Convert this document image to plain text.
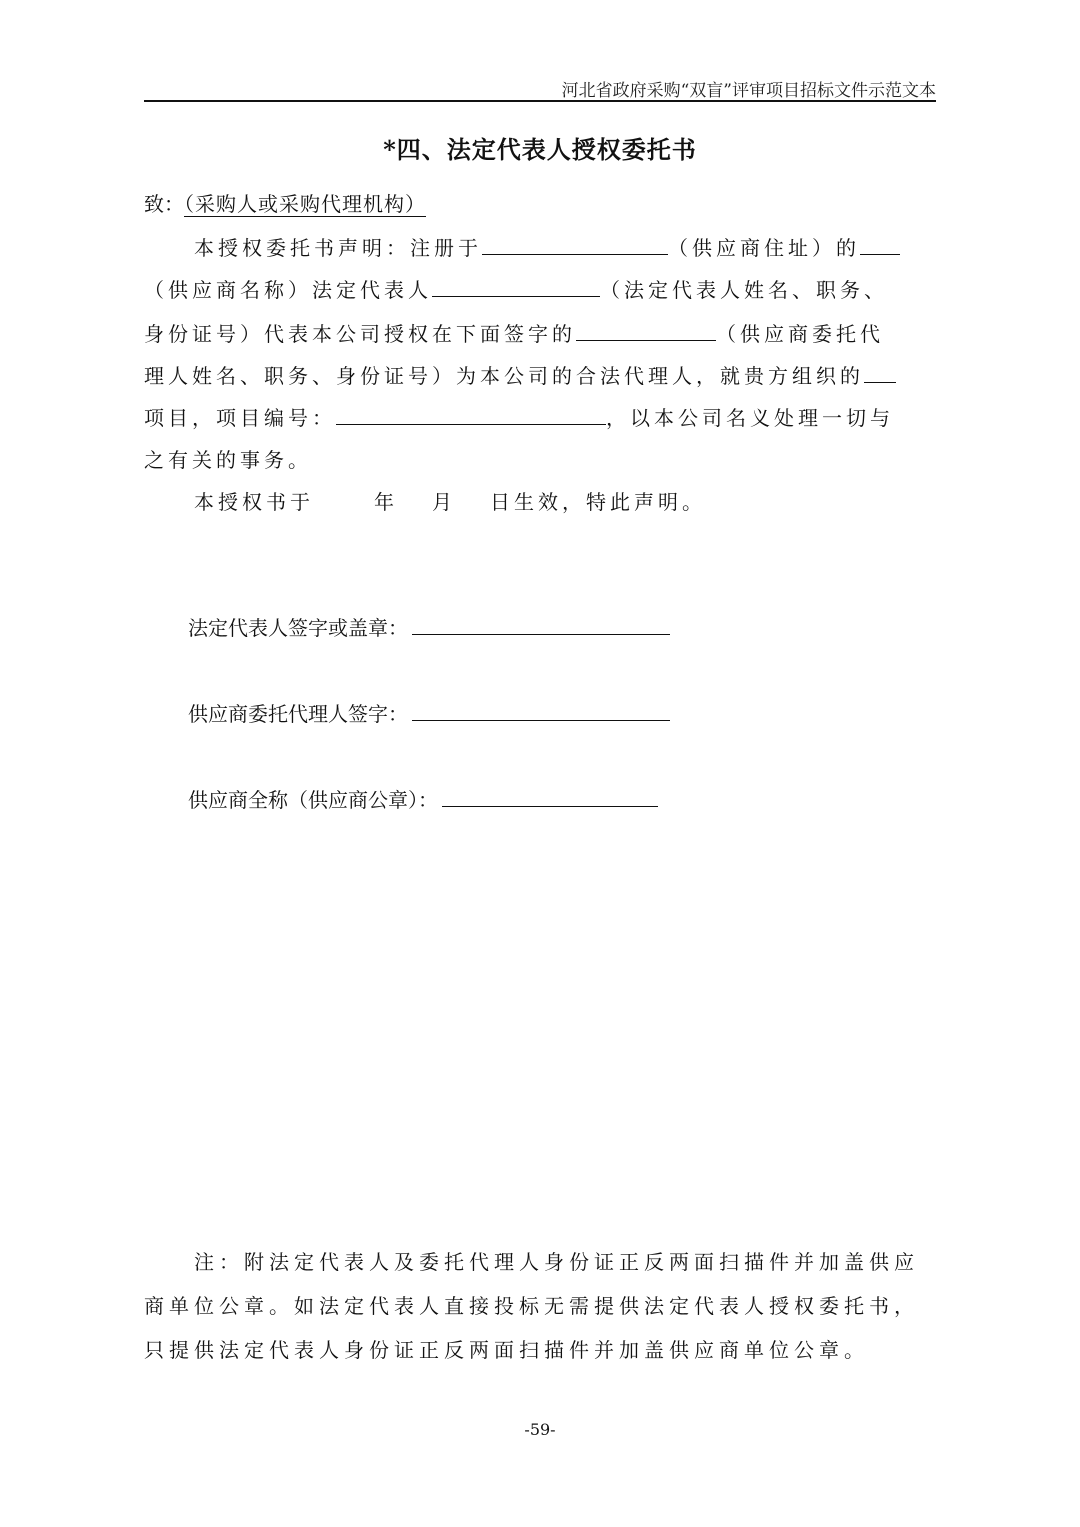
河北省政府采购“双盲”评审项目招标文件示范文本
*四、法定代表人授权委托书
致：（采购人或采购代理机构）
本授权委托书声明：注册于	（供应商住址）的
（供应商名称）法定代表人	（法定代表人姓名、职务、
身份证号）代表本公司授权在下面签字的	（供应商委托代
理人姓名、职务、身份证号）为本公司的合法代理人，就贵方组织的
项目，项目编号：	，以本公司名义处理一切与
之有关的事务。
本授权书于	年 月 日生效，特此声明。
法定代表人签字或盖章：
供应商委托代理人签字：
供应商全称（供应商公章）：
注：附法定代表人及委托代理人身份证正反两面扫描件并加盖供应
商单位公章。如法定代表人直接投标无需提供法定代表人授权委托书，
只提供法定代表人身份证正反两面扫描件并加盖供应商单位公章。
-59-
